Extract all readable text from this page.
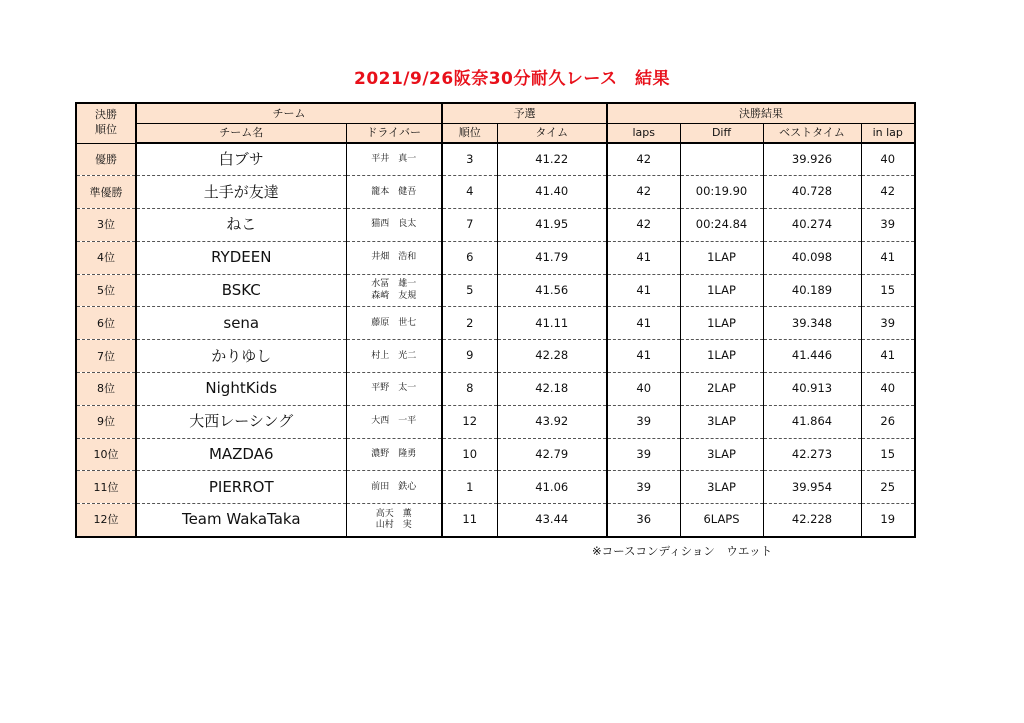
2021/9/26阪奈30分耐久レース　結果
決勝
順位	チーム		予選		決勝結果			
	チーム名	ドライバー	順位	タイム	laps	Diff	ベストタイム	in lap
優勝	白ブサ	平井　真一	3	41.22	42		39.926	40
準優勝	土手が友達	籠本　健吾	4	41.40	42	00:19.90	40.728	42
3位	ねこ	猫西　良太	7	41.95	42	00:24.84	40.274	39
4位	RYDEEN	井畑　浩和	6	41.79	41	1LAP	40.098	41
5位	BSKC	水冨　雄一
森崎　友規	5	41.56	41	1LAP	40.189	15
6位	sena	藤原　世七	2	41.11	41	1LAP	39.348	39
7位	かりゆし	村上　光二	9	42.28	41	1LAP	41.446	41
8位	NightKids	平野　太一	8	42.18	40	2LAP	40.913	40
9位	大西レーシング	大西　一平	12	43.92	39	3LAP	41.864	26
10位	MAZDA6	濃野　隆勇	10	42.79	39	3LAP	42.273	15
11位	PIERROT	前田　鉄心	1	41.06	39	3LAP	39.954	25
12位	Team WakaTaka	高天　薫
山村　実	11	43.44	36	6LAPS	42.228	19
※コースコンディション　ウエット
